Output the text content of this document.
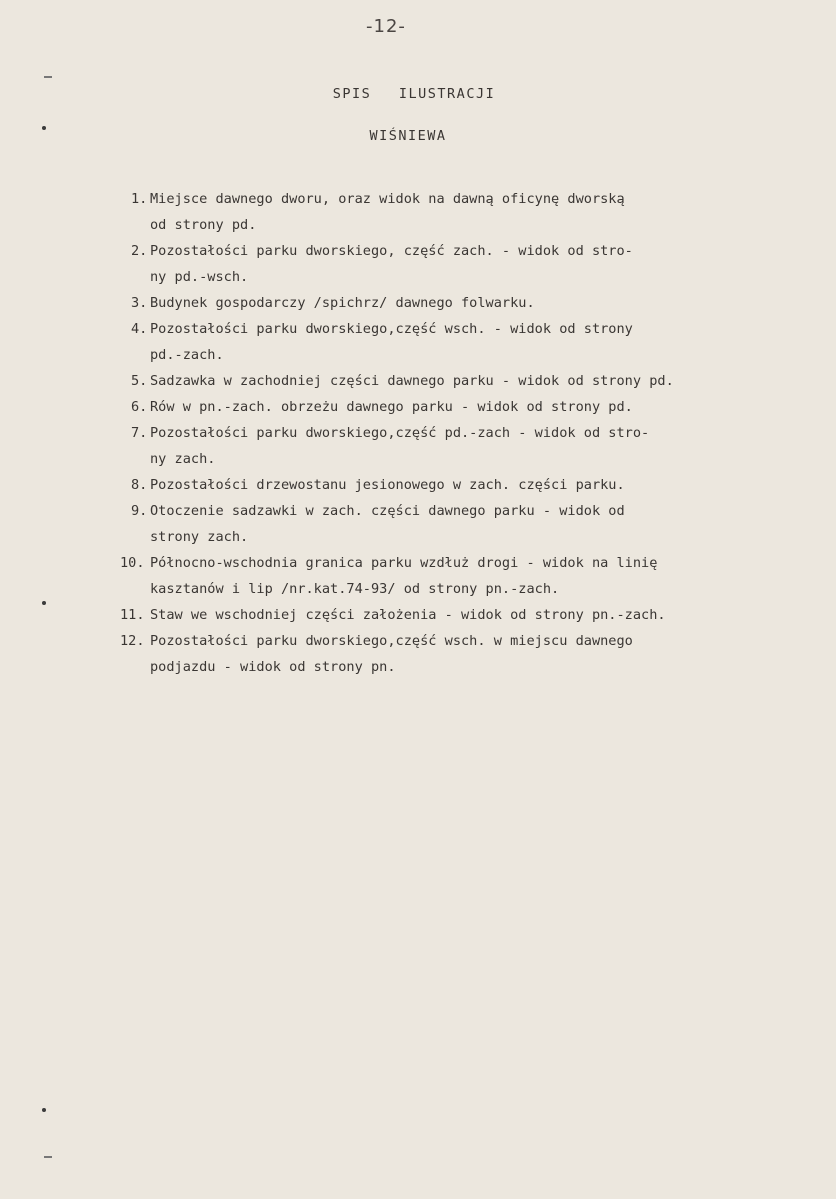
-12-
SPIS ILUSTRACJI
WIŚNIEWA
1. Miejsce dawnego dworu, oraz widok na dawną oficynę dworską
od strony pd.
2. Pozostałości parku dworskiego, część zach. - widok od stro-
ny pd.-wsch.
3. Budynek gospodarczy /spichrz/ dawnego folwarku.
4. Pozostałości parku dworskiego,część wsch. - widok od strony
pd.-zach.
5. Sadzawka w zachodniej części dawnego parku - widok od strony pd.
6. Rów w pn.-zach. obrzeżu dawnego parku - widok od strony pd.
7. Pozostałości parku dworskiego,część pd.-zach - widok od stro-
ny zach.
8. Pozostałości drzewostanu jesionowego w zach. części parku.
9. Otoczenie sadzawki w zach. części dawnego parku - widok od
strony zach.
10. Północno-wschodnia granica parku wzdłuż drogi - widok na linię
kasztanów i lip /nr.kat.74-93/ od strony pn.-zach.
11. Staw we wschodniej części założenia - widok od strony pn.-zach.
12. Pozostałości parku dworskiego,część wsch. w miejscu dawnego
podjazdu - widok od strony pn.
